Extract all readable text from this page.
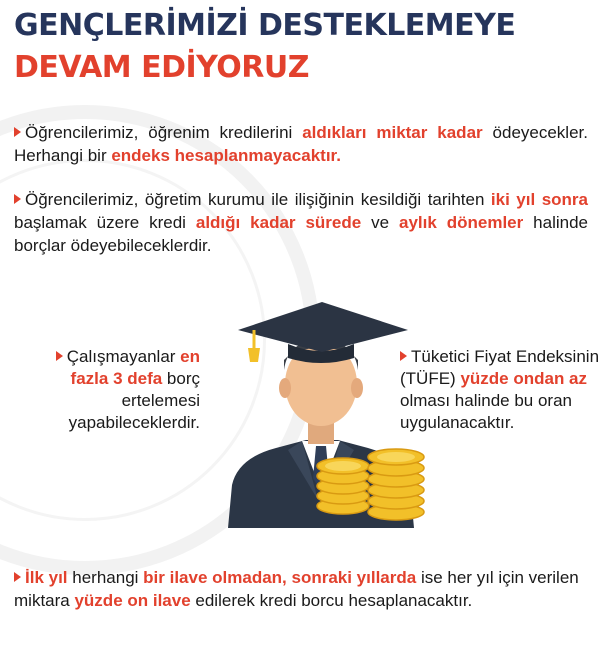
GENÇLERİMİZİ DESTEKLEMEYE
DEVAM EDİYORUZ

Öğrencilerimiz, öğrenim kredilerini aldıkları miktar kadar ödeyecekler. Herhangi bir endeks hesaplanmayacaktır.

Öğrencilerimiz, öğretim kurumu ile ilişiğinin kesildiği tarihten iki yıl sonra başlamak üzere kredi aldığı kadar sürede ve aylık dönemler halinde borçlar ödeyebileceklerdir.

Çalışmayanlar en fazla 3 defa borç ertelemesi yapabileceklerdir.

Tüketici Fiyat Endeksinin (TÜFE) yüzde ondan az olması halinde bu oran uygulanacaktır.

İlk yıl herhangi bir ilave olmadan, sonraki yıllarda ise her yıl için verilen miktara yüzde on ilave edilerek kredi borcu hesaplanacaktır.
